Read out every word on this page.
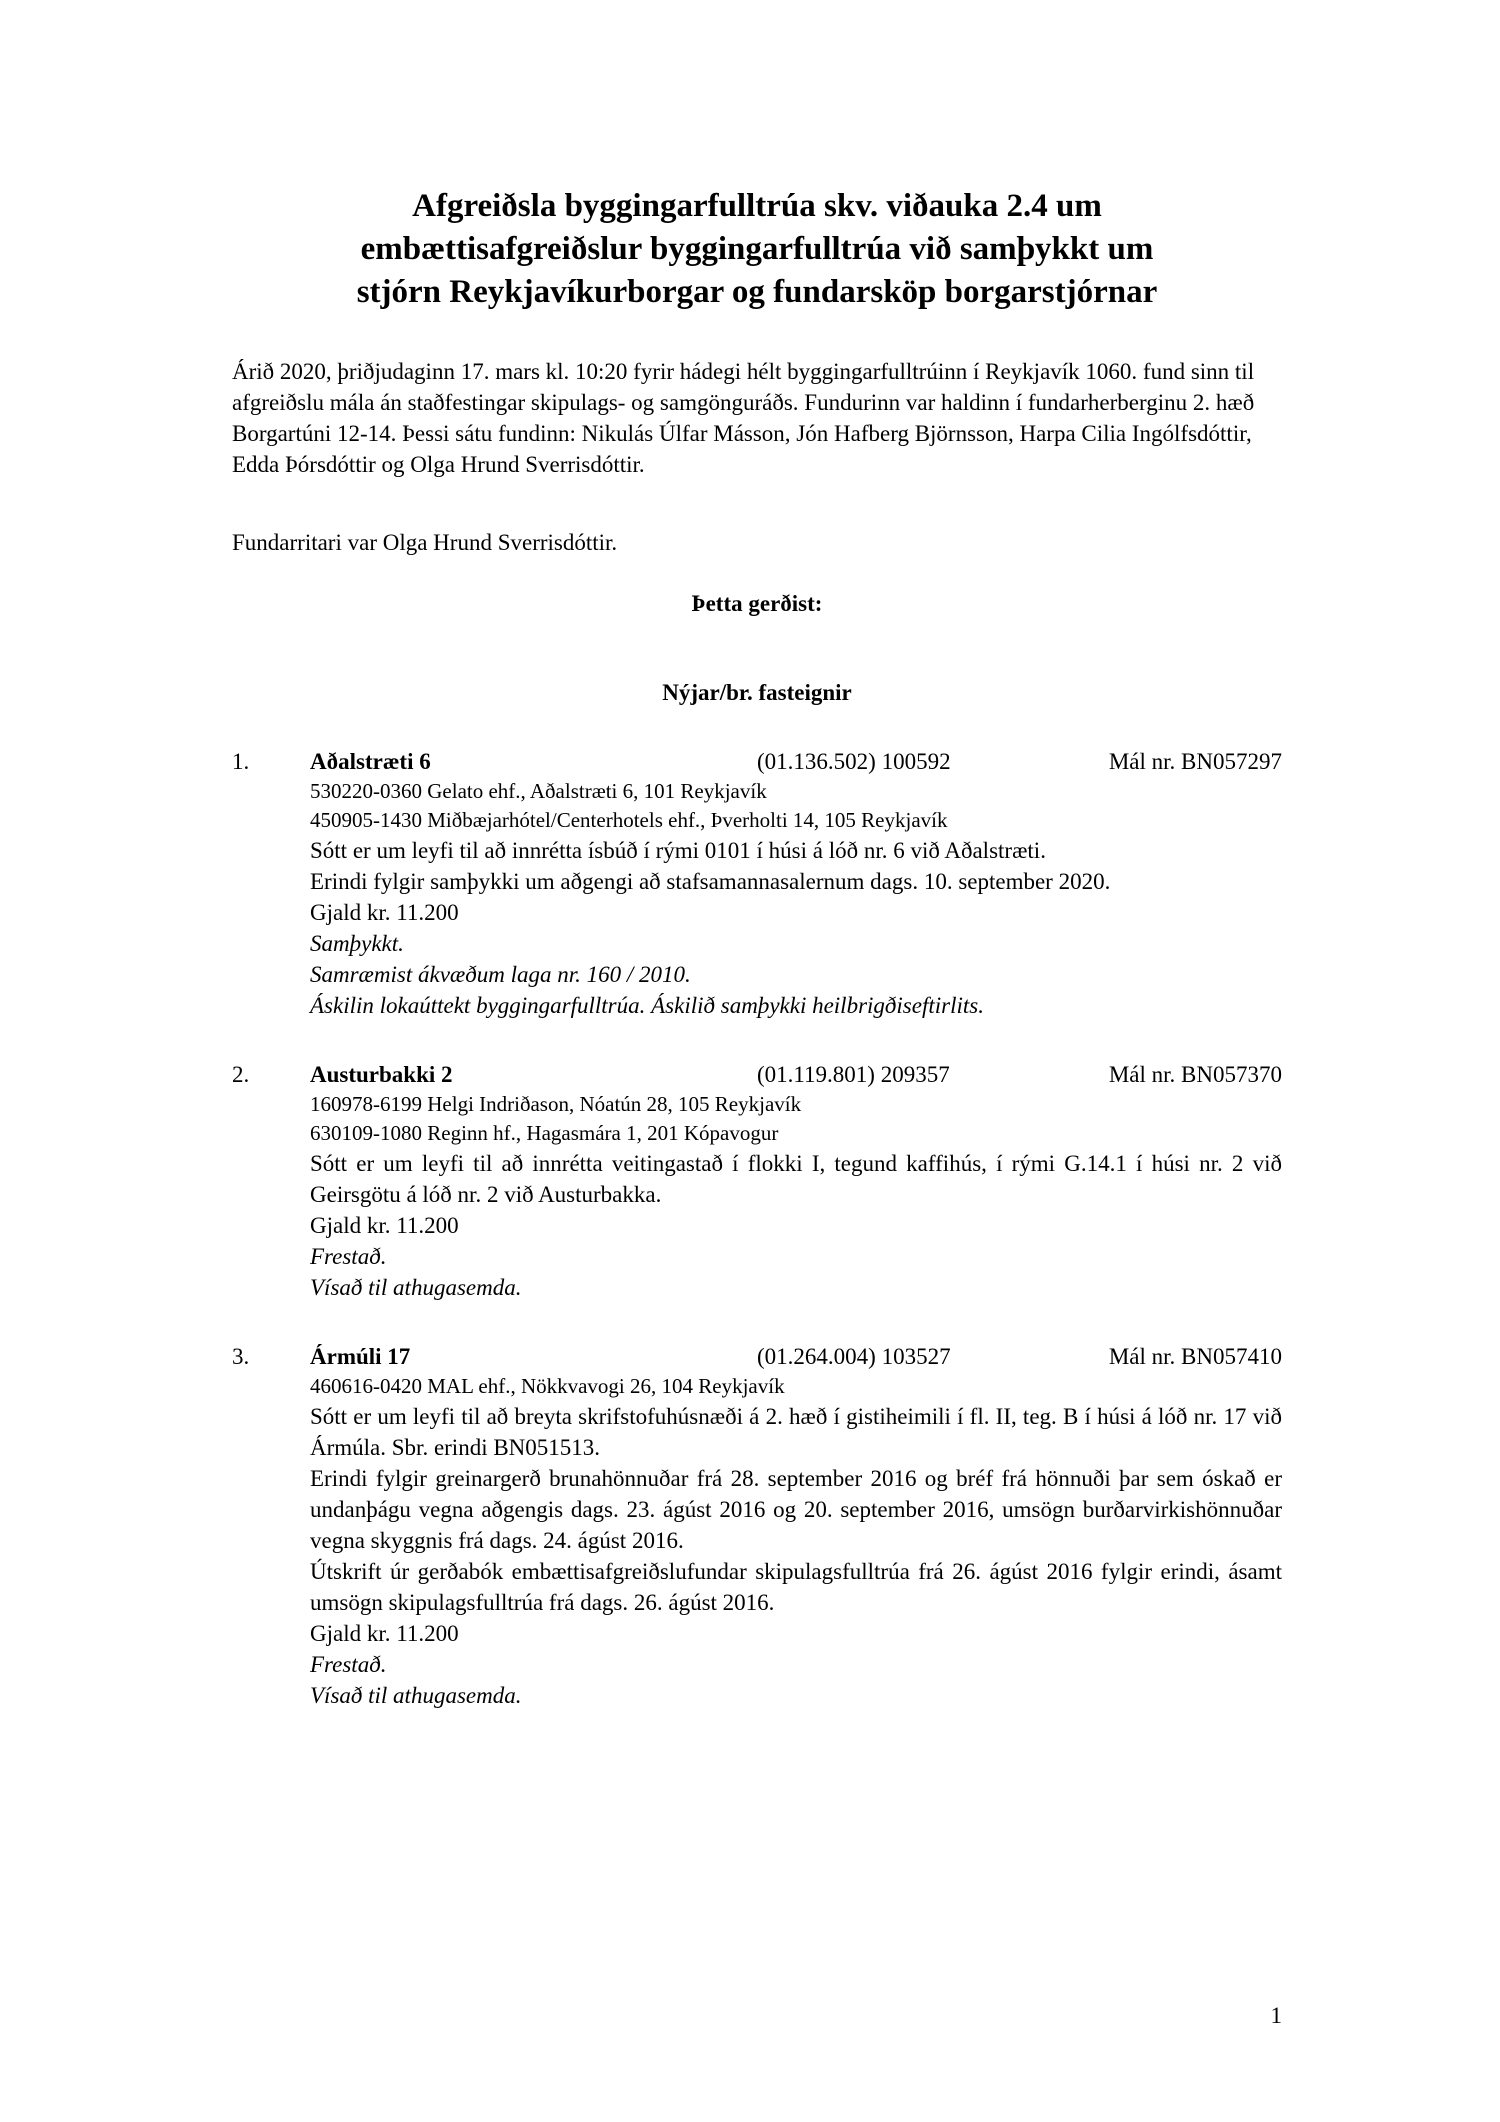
Afgreiðsla byggingarfulltrúa skv. viðauka 2.4 um
embættisafgreiðslur byggingarfulltrúa við samþykkt um
stjórn Reykjavíkurborgar og fundarsköp borgarstjórnar

Árið 2020, þriðjudaginn 17. mars kl. 10:20 fyrir hádegi hélt byggingarfulltrúinn í Reykjavík 1060. fund sinn til afgreiðslu mála án staðfestingar skipulags- og samgönguráðs. Fundurinn var haldinn í fundarherberginu 2. hæð Borgartúni 12-14. Þessi sátu fundinn: Nikulás Úlfar Másson, Jón Hafberg Björnsson, Harpa Cilia Ingólfsdóttir, Edda Þórsdóttir og Olga Hrund Sverrisdóttir.

Fundarritari var Olga Hrund Sverrisdóttir.

Þetta gerðist:
Nýjar/br. fasteignir
1.	Aðalstræti 6	(01.136.502) 100592	Mál nr. BN057297
530220-0360 Gelato ehf., Aðalstræti 6, 101 Reykjavík
450905-1430 Miðbæjarhótel/Centerhotels ehf., Þverholti 14, 105 Reykjavík

Sótt er um leyfi til að innrétta ísbúð í rými 0101 í húsi á lóð nr. 6 við Aðalstræti.

Erindi fylgir samþykki um aðgengi að stafsamannasalernum dags. 10. september 2020.

Gjald kr. 11.200

Samþykkt.

Samræmist ákvæðum laga nr. 160 / 2010.

Áskilin lokaúttekt byggingarfulltrúa. Áskilið samþykki heilbrigðiseftirlits.

2.	Austurbakki 2	(01.119.801) 209357	Mál nr. BN057370
160978-6199 Helgi Indriðason, Nóatún 28, 105 Reykjavík
630109-1080 Reginn hf., Hagasmára 1, 201 Kópavogur

Sótt er um leyfi til að innrétta veitingastað í flokki I, tegund kaffihús, í rými G.14.1 í húsi nr. 2 við Geirsgötu á lóð nr. 2 við Austurbakka.

Gjald kr. 11.200

Frestað.

Vísað til athugasemda.

3.	Ármúli 17	(01.264.004) 103527	Mál nr. BN057410
460616-0420 MAL ehf., Nökkvavogi 26, 104 Reykjavík

Sótt er um leyfi til að breyta skrifstofuhúsnæði á 2. hæð í gistiheimili í fl. II, teg. B í húsi á lóð nr. 17 við Ármúla. Sbr. erindi BN051513.

Erindi fylgir greinargerð brunahönnuðar frá 28. september 2016 og bréf frá hönnuði þar sem óskað er undanþágu vegna aðgengis dags. 23. ágúst 2016 og 20. september 2016, umsögn burðarvirkishönnuðar vegna skyggnis frá dags. 24. ágúst 2016.

Útskrift úr gerðabók embættisafgreiðslufundar skipulagsfulltrúa frá 26. ágúst 2016 fylgir erindi, ásamt umsögn skipulagsfulltrúa frá dags. 26. ágúst 2016.

Gjald kr. 11.200

Frestað.

Vísað til athugasemda.

1
